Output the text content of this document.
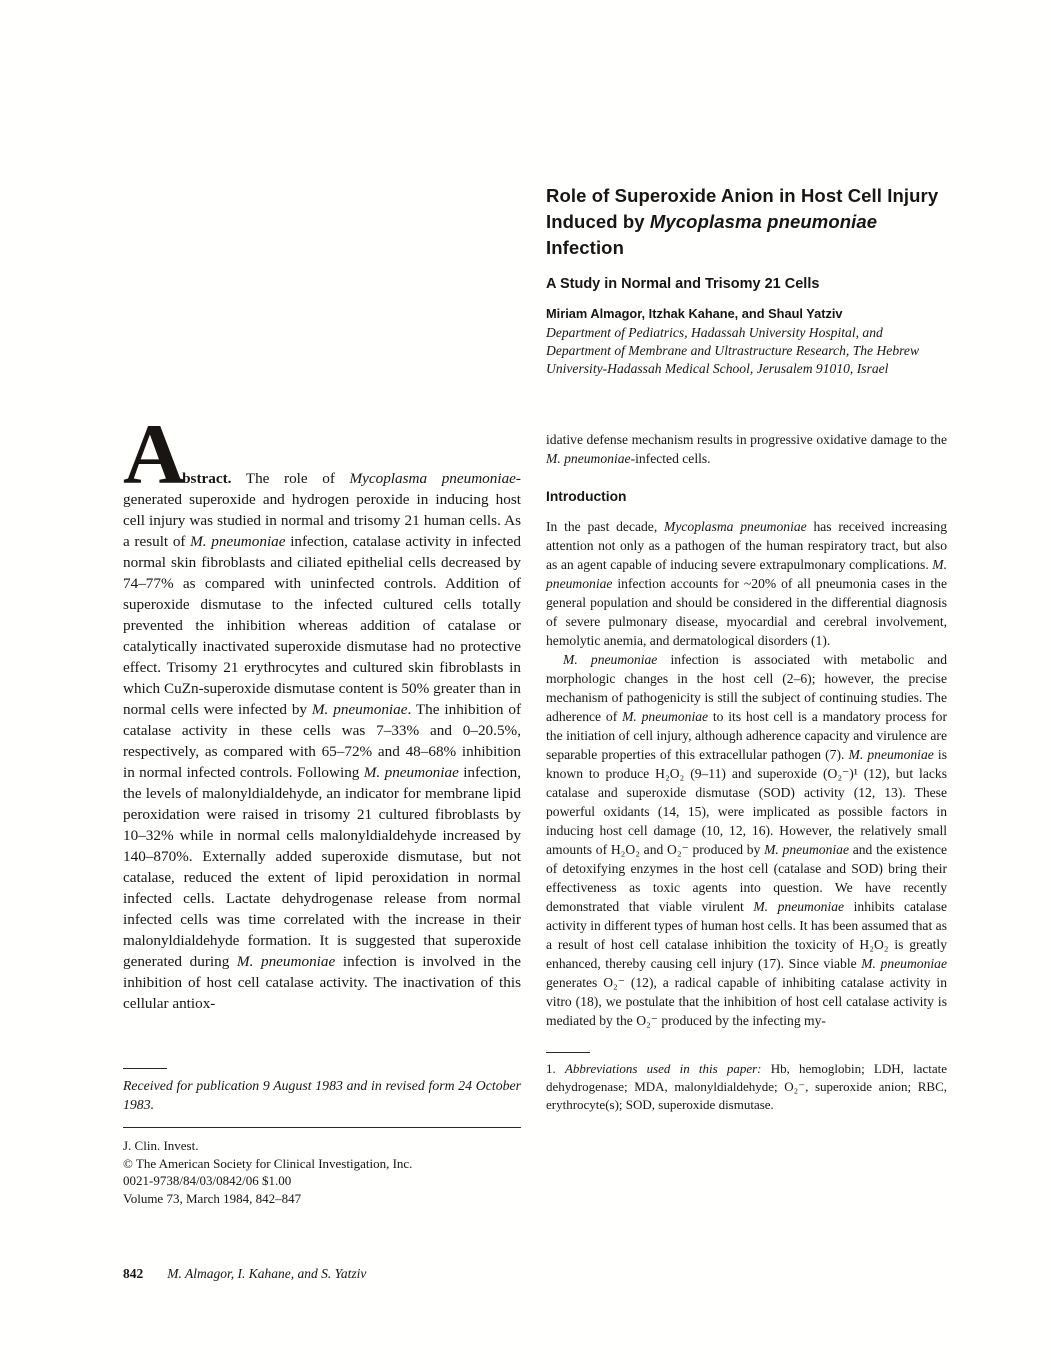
Abstract. The role of Mycoplasma pneumoniae-generated superoxide and hydrogen peroxide in inducing host cell injury was studied in normal and trisomy 21 human cells. As a result of M. pneumoniae infection, catalase activity in infected normal skin fibroblasts and ciliated epithelial cells decreased by 74–77% as compared with uninfected controls. Addition of superoxide dismutase to the infected cultured cells totally prevented the inhibition whereas addition of catalase or catalytically inactivated superoxide dismutase had no protective effect. Trisomy 21 erythrocytes and cultured skin fibroblasts in which CuZn-superoxide dismutase content is 50% greater than in normal cells were infected by M. pneumoniae. The inhibition of catalase activity in these cells was 7–33% and 0–20.5%, respectively, as compared with 65–72% and 48–68% inhibition in normal infected controls. Following M. pneumoniae infection, the levels of malonyldialdehyde, an indicator for membrane lipid peroxidation were raised in trisomy 21 cultured fibroblasts by 10–32% while in normal cells malonyldialdehyde increased by 140–870%. Externally added superoxide dismutase, but not catalase, reduced the extent of lipid peroxidation in normal infected cells. Lactate dehydrogenase release from normal infected cells was time correlated with the increase in their malonyldialdehyde formation. It is suggested that superoxide generated during M. pneumoniae infection is involved in the inhibition of host cell catalase activity. The inactivation of this cellular antiox-

Received for publication 9 August 1983 and in revised form 24 October 1983.

J. Clin. Invest.

© The American Society for Clinical Investigation, Inc.

0021-9738/84/03/0842/06 $1.00

Volume 73, March 1984, 842–847

Role of Superoxide Anion in Host Cell Injury Induced by Mycoplasma pneumoniae Infection
A Study in Normal and Trisomy 21 Cells

Miriam Almagor, Itzhak Kahane, and Shaul Yatziv

Department of Pediatrics, Hadassah University Hospital, and Department of Membrane and Ultrastructure Research, The Hebrew University-Hadassah Medical School, Jerusalem 91010, Israel

idative defense mechanism results in progressive oxidative damage to the M. pneumoniae-infected cells.

Introduction

In the past decade, Mycoplasma pneumoniae has received increasing attention not only as a pathogen of the human respiratory tract, but also as an agent capable of inducing severe extrapulmonary complications. M. pneumoniae infection accounts for ~20% of all pneumonia cases in the general population and should be considered in the differential diagnosis of severe pulmonary disease, myocardial and cerebral involvement, hemolytic anemia, and dermatological disorders (1).

M. pneumoniae infection is associated with metabolic and morphologic changes in the host cell (2–6); however, the precise mechanism of pathogenicity is still the subject of continuing studies. The adherence of M. pneumoniae to its host cell is a mandatory process for the initiation of cell injury, although adherence capacity and virulence are separable properties of this extracellular pathogen (7). M. pneumoniae is known to produce H₂O₂ (9–11) and superoxide (O₂⁻)¹ (12), but lacks catalase and superoxide dismutase (SOD) activity (12, 13). These powerful oxidants (14, 15), were implicated as possible factors in inducing host cell damage (10, 12, 16). However, the relatively small amounts of H₂O₂ and O₂⁻ produced by M. pneumoniae and the existence of detoxifying enzymes in the host cell (catalase and SOD) bring their effectiveness as toxic agents into question. We have recently demonstrated that viable virulent M. pneumoniae inhibits catalase activity in different types of human host cells. It has been assumed that as a result of host cell catalase inhibition the toxicity of H₂O₂ is greatly enhanced, thereby causing cell injury (17). Since viable M. pneumoniae generates O₂⁻ (12), a radical capable of inhibiting catalase activity in vitro (18), we postulate that the inhibition of host cell catalase activity is mediated by the O₂⁻ produced by the infecting my-

1. Abbreviations used in this paper: Hb, hemoglobin; LDH, lactate dehydrogenase; MDA, malonyldialdehyde; O₂⁻, superoxide anion; RBC, erythrocyte(s); SOD, superoxide dismutase.

842 M. Almagor, I. Kahane, and S. Yatziv
